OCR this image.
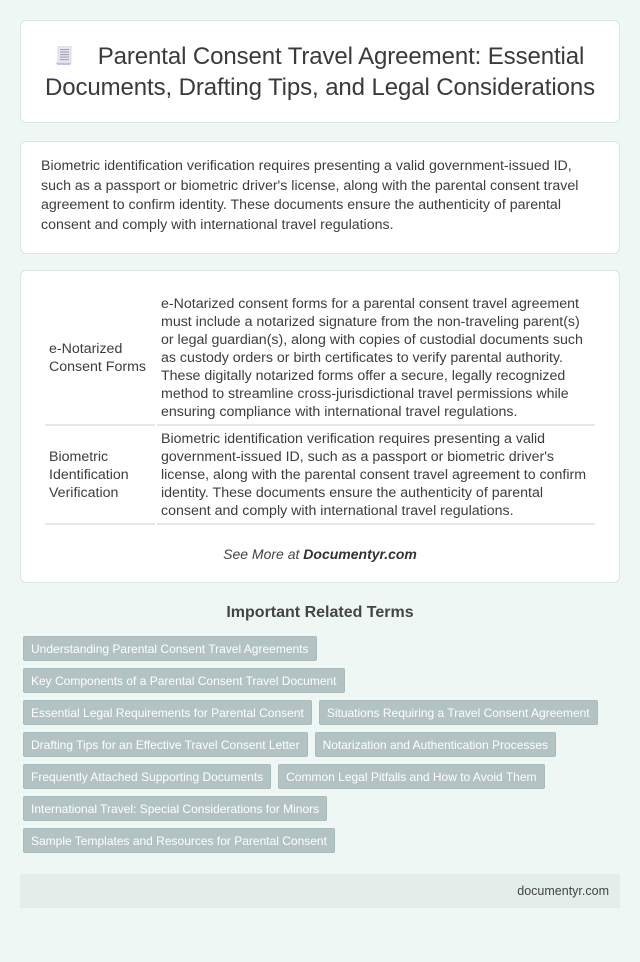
Parental Consent Travel Agreement: Essential Documents, Drafting Tips, and Legal Considerations

Biometric identification verification requires presenting a valid government-issued ID, such as a passport or biometric driver's license, along with the parental consent travel agreement to confirm identity. These documents ensure the authenticity of parental consent and comply with international travel regulations.

e-Notarized Consent Forms	e-Notarized consent forms for a parental consent travel agreement must include a notarized signature from the non-traveling parent(s) or legal guardian(s), along with copies of custodial documents such as custody orders or birth certificates to verify parental authority. These digitally notarized forms offer a secure, legally recognized method to streamline cross-jurisdictional travel permissions while ensuring compliance with international travel regulations.
Biometric Identification Verification	Biometric identification verification requires presenting a valid government-issued ID, such as a passport or biometric driver's license, along with the parental consent travel agreement to confirm identity. These documents ensure the authenticity of parental consent and comply with international travel regulations.
See More at Documentyr.com
Important Related Terms
Understanding Parental Consent Travel Agreements
Key Components of a Parental Consent Travel Document
Essential Legal Requirements for Parental Consent	Situations Requiring a Travel Consent Agreement
Drafting Tips for an Effective Travel Consent Letter	Notarization and Authentication Processes
Frequently Attached Supporting Documents	Common Legal Pitfalls and How to Avoid Them
International Travel: Special Considerations for Minors
Sample Templates and Resources for Parental Consent
documentyr.com
